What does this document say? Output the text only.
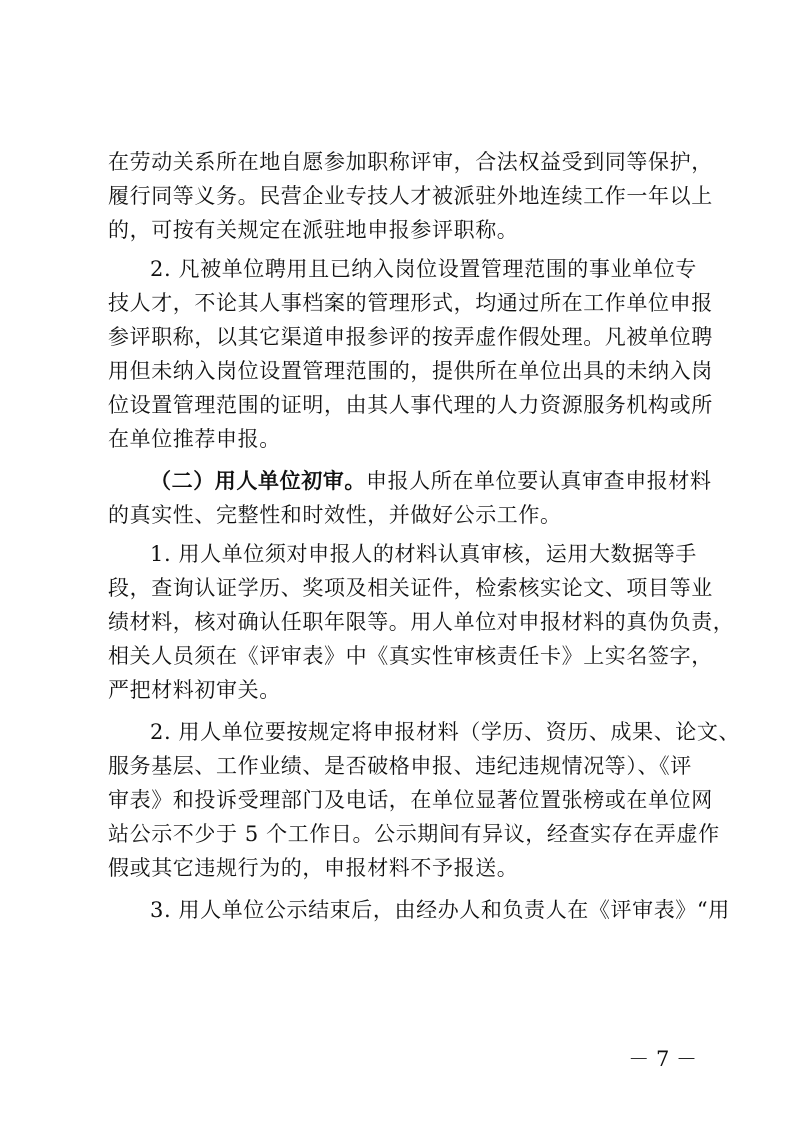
在劳动关系所在地自愿参加职称评审，合法权益受到同等保护，
履行同等义务。民营企业专技人才被派驻外地连续工作一年以上
的，可按有关规定在派驻地申报参评职称。
2. 凡被单位聘用且已纳入岗位设置管理范围的事业单位专
技人才，不论其人事档案的管理形式，均通过所在工作单位申报
参评职称，以其它渠道申报参评的按弄虚作假处理。凡被单位聘
用但未纳入岗位设置管理范围的，提供所在单位出具的未纳入岗
位设置管理范围的证明，由其人事代理的人力资源服务机构或所
在单位推荐申报。
（二）用人单位初审。申报人所在单位要认真审查申报材料
的真实性、完整性和时效性，并做好公示工作。
1. 用人单位须对申报人的材料认真审核，运用大数据等手
段，查询认证学历、奖项及相关证件，检索核实论文、项目等业
绩材料，核对确认任职年限等。用人单位对申报材料的真伪负责，
相关人员须在《评审表》中《真实性审核责任卡》上实名签字，
严把材料初审关。
2. 用人单位要按规定将申报材料（学历、资历、成果、论文、
服务基层、工作业绩、是否破格申报、违纪违规情况等）、《评
审表》和投诉受理部门及电话，在单位显著位置张榜或在单位网
站公示不少于 5 个工作日。公示期间有异议，经查实存在弄虚作
假或其它违规行为的，申报材料不予报送。
3. 用人单位公示结束后，由经办人和负责人在《评审表》“用
－ 7 －
